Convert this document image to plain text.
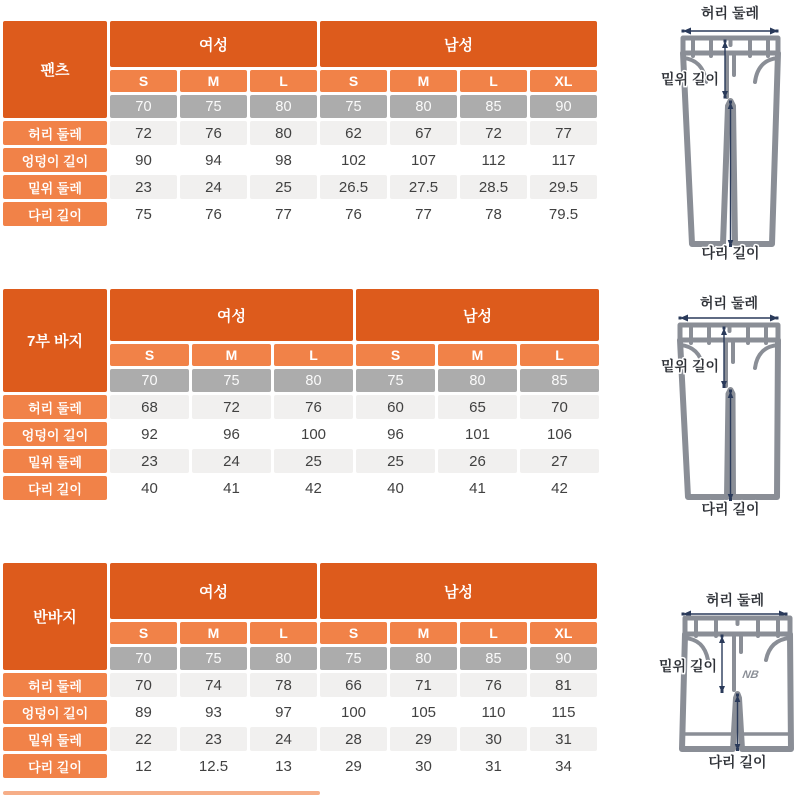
팬츠	여성			남성			
	S	M	L	S	M	L	XL
	70	75	80	75	80	85	90
허리 둘레	72	76	80	62	67	72	77
엉덩이 길이	90	94	98	102	107	112	117
밑위 둘레	23	24	25	26.5	27.5	28.5	29.5
다리 길이	75	76	77	76	77	78	79.5
7부 바지	여성			남성		
	S	M	L	S	M	L
	70	75	80	75	80	85
허리 둘레	68	72	76	60	65	70
엉덩이 길이	92	96	100	96	101	106
밑위 둘레	23	24	25	25	26	27
다리 길이	40	41	42	40	41	42
반바지	여성			남성			
	S	M	L	S	M	L	XL
	70	75	80	75	80	85	90
허리 둘레	70	74	78	66	71	76	81
엉덩이 길이	89	93	97	100	105	110	115
밑위 둘레	22	23	24	28	29	30	31
다리 길이	12	12.5	13	29	30	31	34
허리 둘레
밑위 길이
다리 길이
허리 둘레
밑위 길이
다리 길이
허리 둘레
NB
밑위 길이
다리 길이
